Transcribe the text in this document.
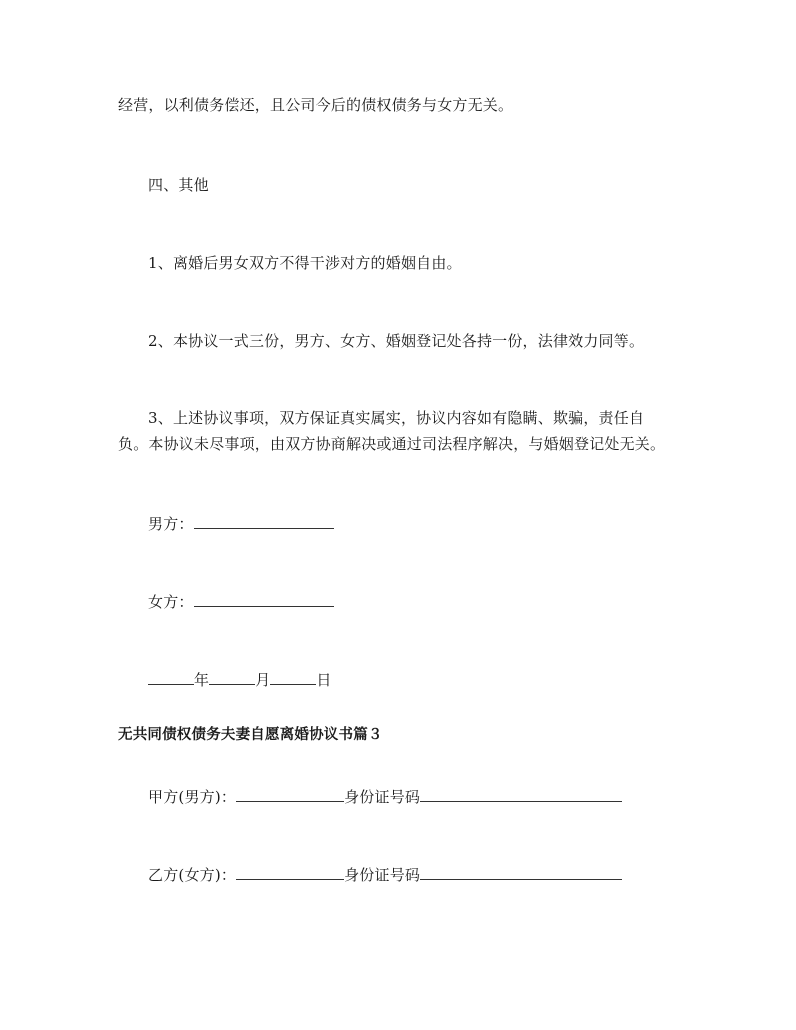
经营，以利债务偿还，且公司今后的债权债务与女方无关。
四、其他
1、离婚后男女双方不得干涉对方的婚姻自由。
2、本协议一式三份，男方、女方、婚姻登记处各持一份，法律效力同等。
3、上述协议事项，双方保证真实属实，协议内容如有隐瞒、欺骗，责任自
负。本协议未尽事项，由双方协商解决或通过司法程序解决，与婚姻登记处无关。
男方：
女方：
年	月	日
无共同债权债务夫妻自愿离婚协议书篇３
甲方(男方)：	身份证号码
乙方(女方)：	身份证号码
